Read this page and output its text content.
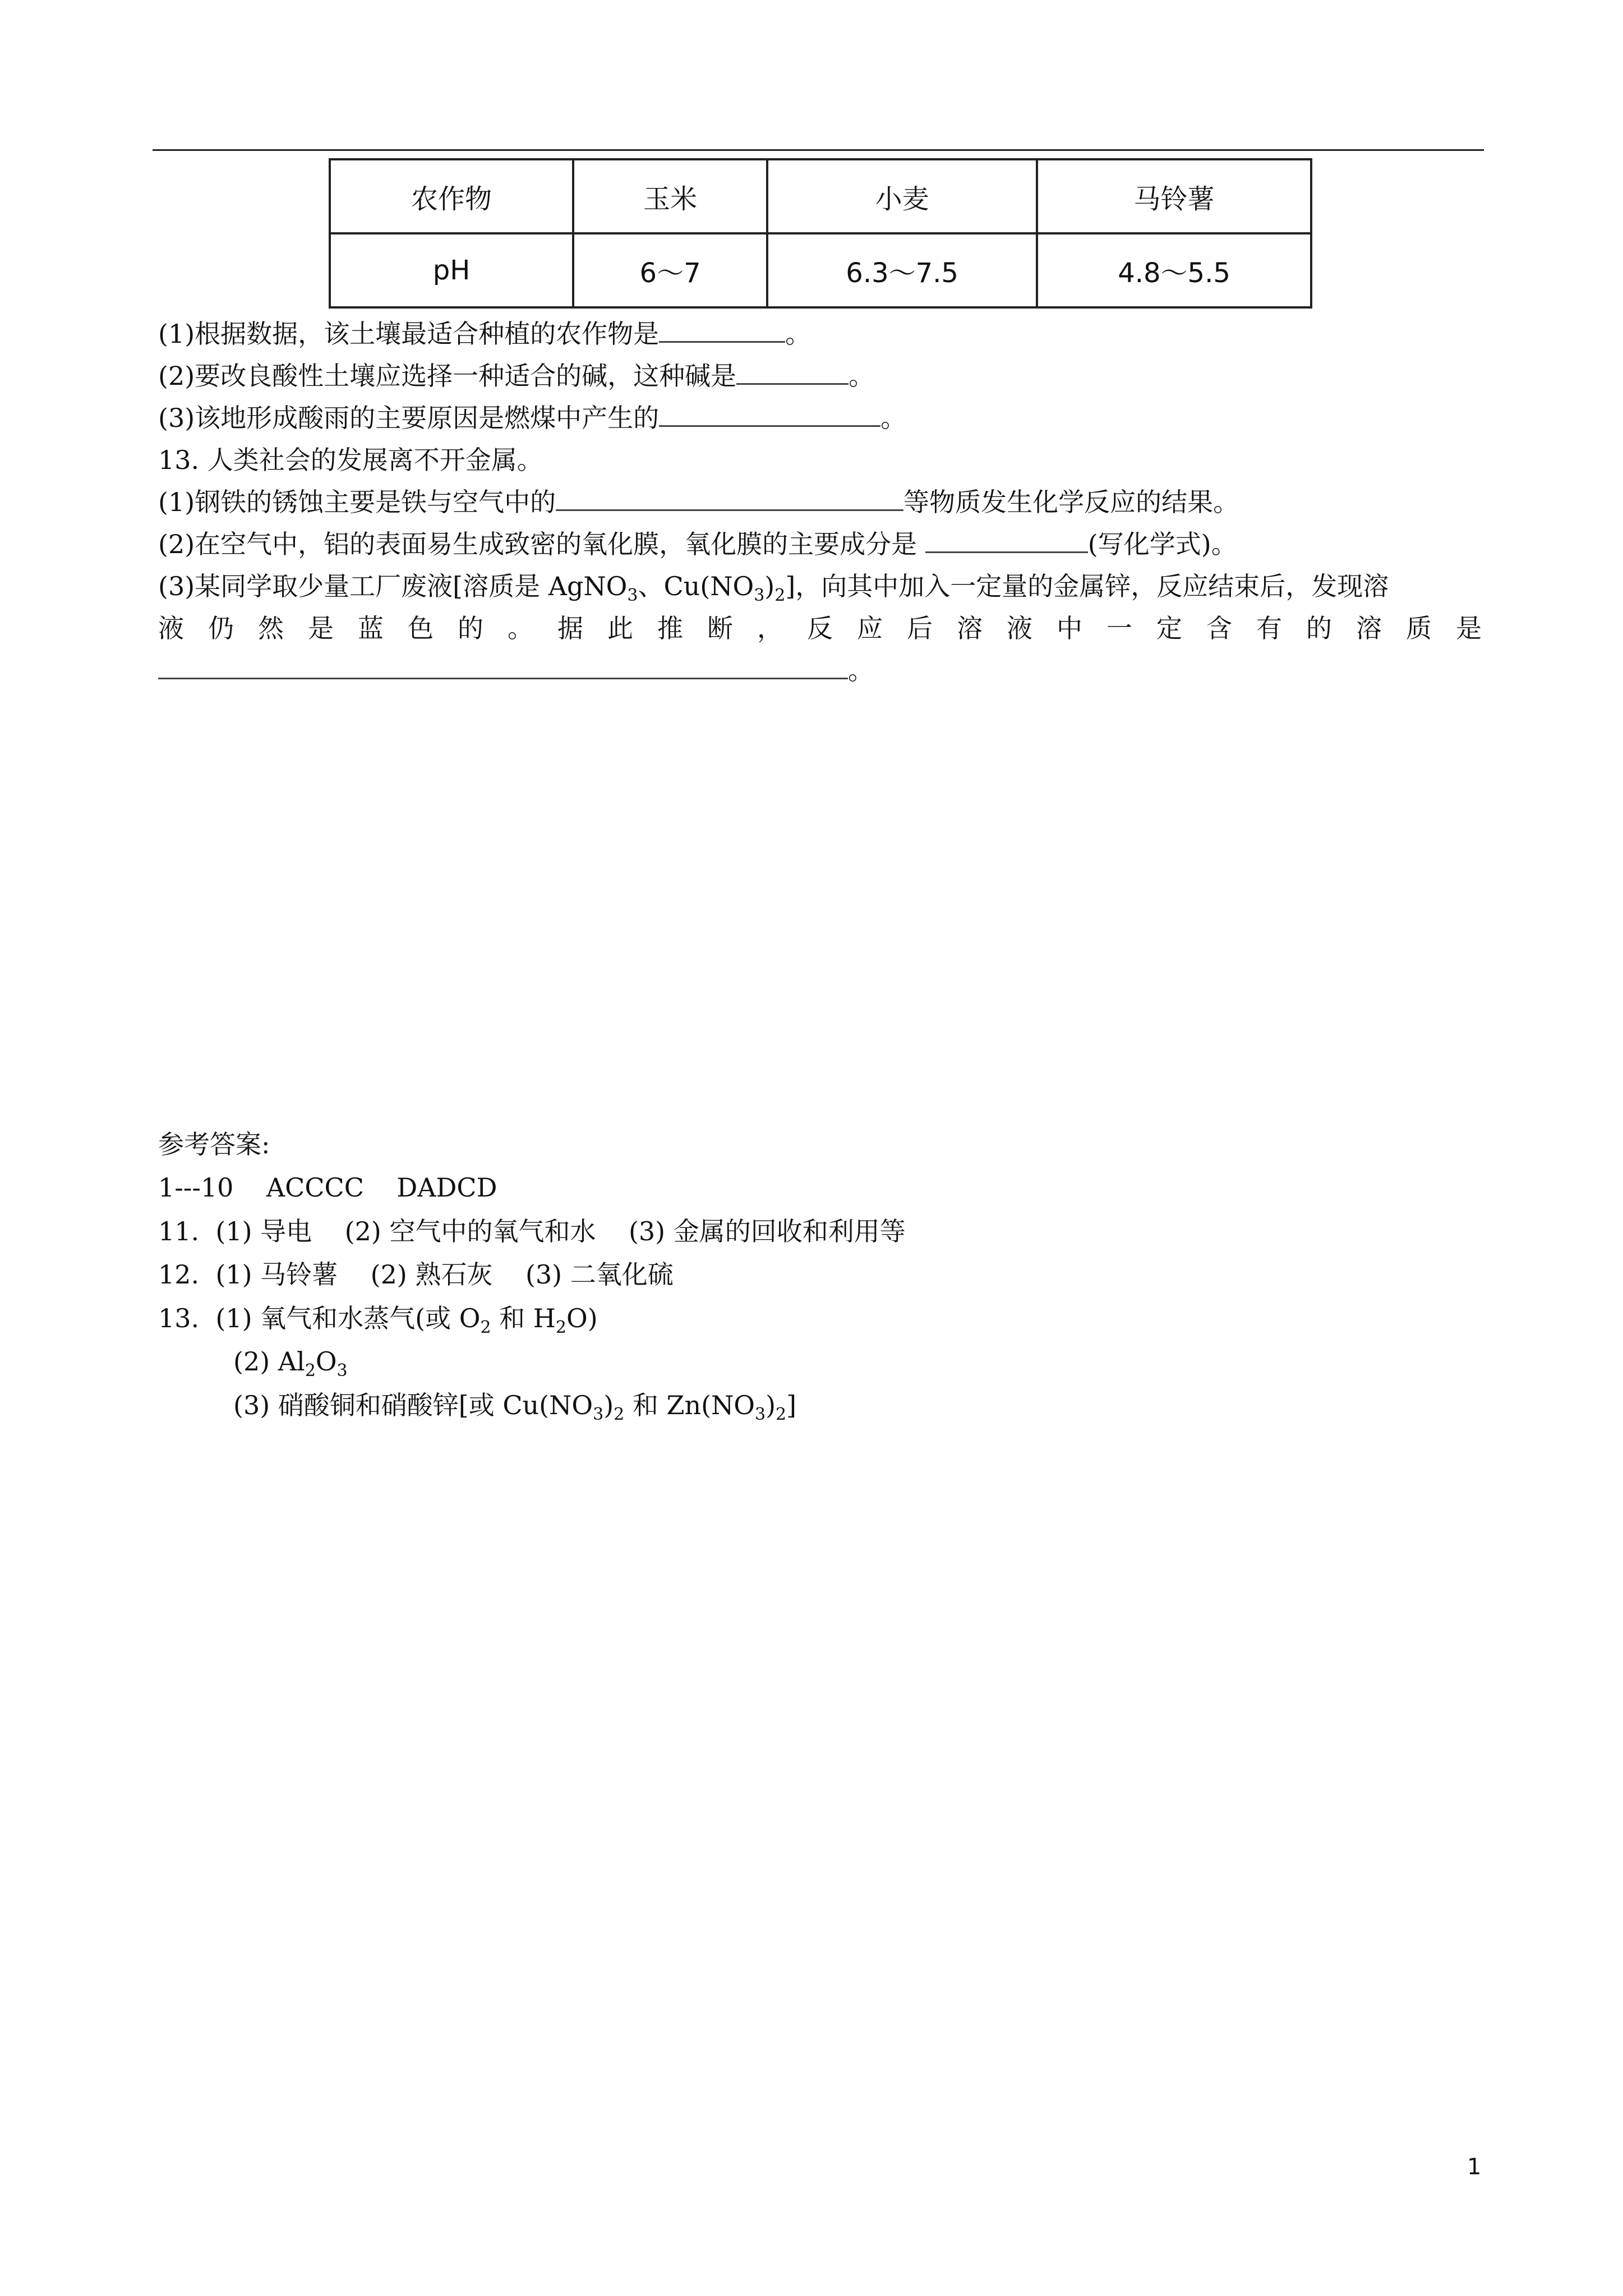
农作物	玉米	小麦	马铃薯
pH	6～7	6.3～7.5	4.8～5.5
(1)根据数据，该土壤最适合种植的农作物是	。
(2)要改良酸性土壤应选择一种适合的碱，这种碱是	。
(3)该地形成酸雨的主要原因是燃煤中产生的	。
13. 人类社会的发展离不开金属。
(1)钢铁的锈蚀主要是铁与空气中的	等物质发生化学反应的结果。
(2)在空气中，铝的表面易生成致密的氧化膜，氧化膜的主要成分是	(写化学式)。
(3)某同学取少量工厂废液[溶质是 AgNO$_3$、$Cu(NO_3)_2$]，向其中加入一定量的金属锌，反应结束后，发现溶
液 仍 然 是 蓝 色 的 。 据 此 推 断 ， 反 应 后 溶 液 中 一 定 含 有 的 溶 质 是
。
参考答案:
1---10    ACCCC    DADCD
11.  (1) 导电    (2) 空气中的氧气和水    (3) 金属的回收和利用等
12.  (1) 马铃薯    (2) 熟石灰    (3) 二氧化硫
13.  (1) 氧气和水蒸气(或 $O_2$ 和 $H_2O$)
(2) $Al_2O_3$
(3) 硝酸铜和硝酸锌[或 $Cu(NO_3)_2$ 和 $Zn(NO_3)_2$]
1
